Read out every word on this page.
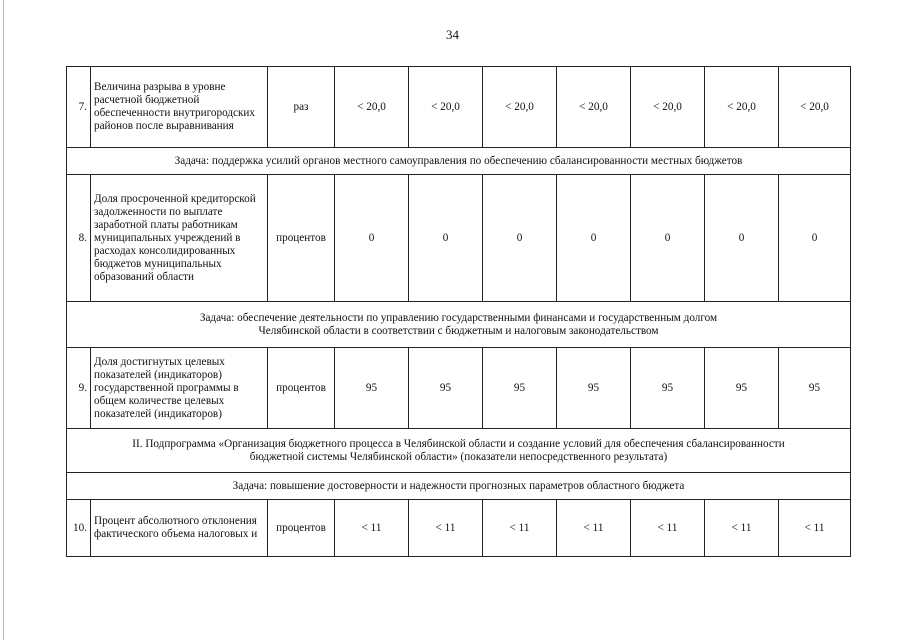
34
7.	Величина разрыва в уровне расчетной бюджетной обеспеченности внутригородских районов после выравнивания	раз	< 20,0	< 20,0	< 20,0	< 20,0	< 20,0	< 20,0	< 20,0
Задача: поддержка усилий органов местного самоуправления по обеспечению сбалансированности местных бюджетов									
8.	Доля просроченной кредиторской задолженности по выплате заработной платы работникам муниципальных учреждений в расходах консолидированных бюджетов муниципальных образований области	процентов	0	0	0	0	0	0	0

Задача: обеспечение деятельности по управлению государственными финансами и государственным долгом
Челябинской области в соответствии с бюджетным и налоговым законодательством									

9.	Доля достигнутых целевых показателей (индикаторов) государственной программы в общем количестве целевых показателей (индикаторов)	процентов	95	95	95	95	95	95	95

II. Подпрограмма «Организация бюджетного процесса в Челябинской области и создание условий для обеспечения сбалансированности
бюджетной системы Челябинской области» (показатели непосредственного результата)									

Задача: повышение достоверности и надежности прогнозных параметров областного бюджета									
10.	Процент абсолютного отклонения фактического объема налоговых и	процентов	< 11	< 11	< 11	< 11	< 11	< 11	< 11
